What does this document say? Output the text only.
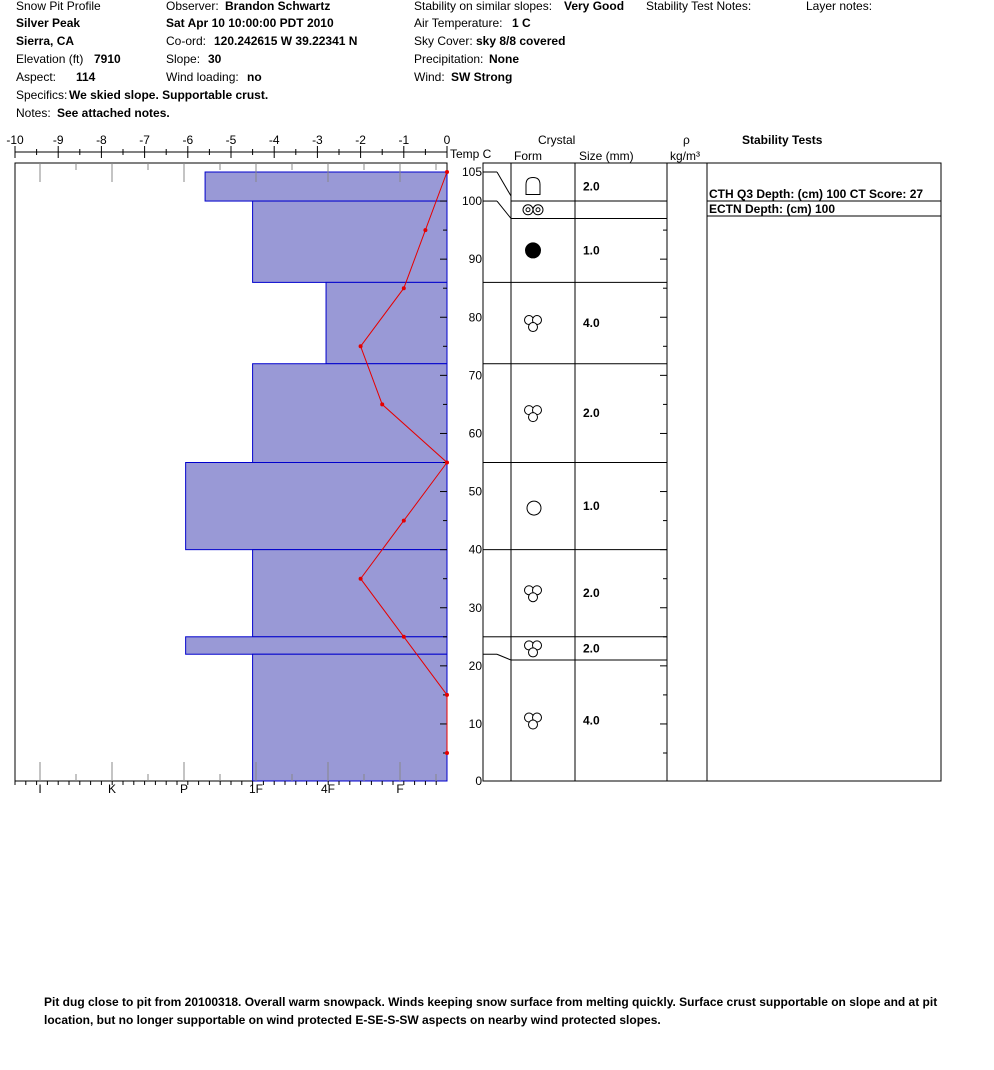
Snow Pit Profile
Silver Peak
Sierra, CA
Elevation (ft) 7910
Aspect: 114
Specifics: We skied slope. Supportable crust.
Notes: See attached notes.
Observer: Brandon Schwartz
Sat Apr 10 10:00:00 PDT 2010
Co-ord: 120.242615 W 39.22341 N
Slope: 30
Wind loading: no
Stability on similar slopes: Very Good
Air Temperature: 1 C
Sky Cover: sky 8/8 covered
Precipitation: None
Wind: SW Strong
Stability Test Notes:	Layer notes:
Temp C
Crystal
Form	Size (mm)
ρ
kg/m³
Stability Tests
-10 -9	-8	-7	-6	-5	-4	-3	-2	-1	0
0
10
20
30
40
50
60
70
80
90
100
105
I	K	P	1F	4F	F
2.0
1.0
4.0
2.0
1.0
2.0
2.0
4.0
CTH Q3 Depth: (cm) 100 CT Score: 27
ECTN Depth: (cm) 100
Pit dug close to pit from 20100318. Overall warm snowpack. Winds keeping snow surface from melting quickly. Surface crust supportable on slope and at pit location, but no longer supportable on wind protected E-SE-S-SW aspects on nearby wind protected slopes.
